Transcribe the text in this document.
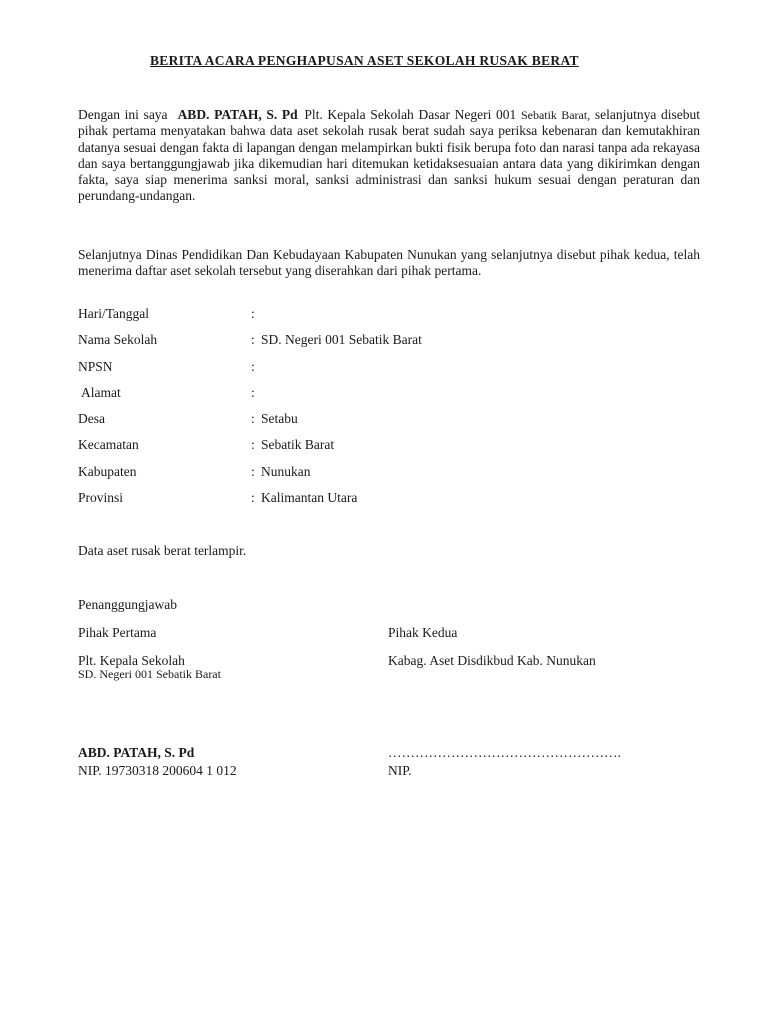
BERITA ACARA PENGHAPUSAN ASET SEKOLAH RUSAK BERAT
Dengan ini saya ABD. PATAH, S. Pd Plt. Kepala Sekolah Dasar Negeri 001 Sebatik Barat, selanjutnya disebut pihak pertama menyatakan bahwa data aset sekolah rusak berat sudah saya periksa kebenaran dan kemutakhiran datanya sesuai dengan fakta di lapangan dengan melampirkan bukti fisik berupa foto dan narasi tanpa ada rekayasa dan saya bertanggungjawab jika dikemudian hari ditemukan ketidaksesuaian antara data yang dikirimkan dengan fakta, saya siap menerima sanksi moral, sanksi administrasi dan sanksi hukum sesuai dengan peraturan dan perundang-undangan.
Selanjutnya Dinas Pendidikan Dan Kebudayaan Kabupaten Nunukan yang selanjutnya disebut pihak kedua, telah menerima daftar aset sekolah tersebut yang diserahkan dari pihak pertama.
Hari/Tanggal	:
Nama Sekolah	: SD. Negeri 001 Sebatik Barat
NPSN	:
Alamat	:
Desa	: Setabu
Kecamatan	: Sebatik Barat
Kabupaten	: Nunukan
Provinsi	: Kalimantan Utara
Data aset rusak berat terlampir.
Penanggungjawab
Pihak Pertama	Pihak Kedua
Plt. Kepala Sekolah	Kabag. Aset Disdikbud Kab. Nunukan
SD. Negeri 001 Sebatik Barat
ABD. PATAH, S. Pd	…………………………………………….
NIP. 19730318 200604 1 012	NIP.
